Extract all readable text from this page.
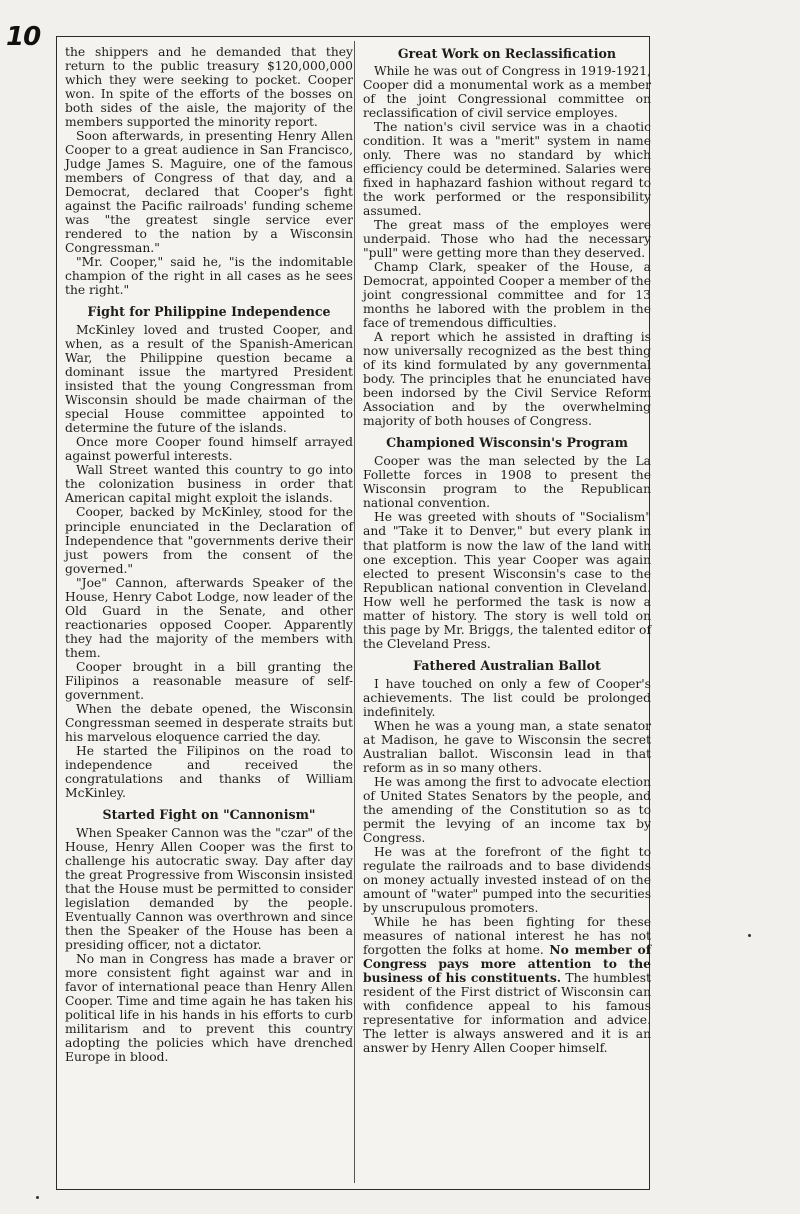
10 the shippers and he demanded that they return to the public treasury $120,000,000 which they were seeking to pocket. Cooper won. In spite of the efforts of the bosses on both sides of the aisle, the majority of the members supported the minority report.

Soon afterwards, in presenting Henry Allen Cooper to a great audience in San Francisco, Judge James S. Maguire, one of the famous members of Congress of that day, and a Democrat, declared that Cooper's fight against the Pacific railroads' funding scheme was "the greatest single service ever rendered to the nation by a Wisconsin Congressman."

"Mr. Cooper," said he, "is the indomitable champion of the right in all cases as he sees the right."

Fight for Philippine Independence

McKinley loved and trusted Cooper, and when, as a result of the Spanish-American War, the Philippine question became a dominant issue the martyred President insisted that the young Congressman from Wisconsin should be made chairman of the special House committee appointed to determine the future of the islands.

Once more Cooper found himself arrayed against powerful interests.

Wall Street wanted this country to go into the colonization business in order that American capital might exploit the islands.

Cooper, backed by McKinley, stood for the principle enunciated in the Declaration of Independence that "governments derive their just powers from the consent of the governed."

"Joe" Cannon, afterwards Speaker of the House, Henry Cabot Lodge, now leader of the Old Guard in the Senate, and other reactionaries opposed Cooper. Apparently they had the majority of the members with them.

Cooper brought in a bill granting the Filipinos a reasonable measure of self-government.

When the debate opened, the Wisconsin Congressman seemed in desperate straits but his marvelous eloquence carried the day.

He started the Filipinos on the road to independence and received the congratulations and thanks of William McKinley.

Started Fight on "Cannonism"

When Speaker Cannon was the "czar" of the House, Henry Allen Cooper was the first to challenge his autocratic sway. Day after day the great Progressive from Wisconsin insisted that the House must be permitted to consider legislation demanded by the people. Eventually Cannon was overthrown and since then the Speaker of the House has been a presiding officer, not a dictator.

No man in Congress has made a braver or more consistent fight against war and in favor of international peace than Henry Allen Cooper. Time and time again he has taken his political life in his hands in his efforts to curb militarism and to prevent this country adopting the policies which have drenched Europe in blood.

Great Work on Reclassification

While he was out of Congress in 1919-1921, Cooper did a monumental work as a member of the joint Congressional committee on reclassification of civil service employes.

The nation's civil service was in a chaotic condition. It was a "merit" system in name only. There was no standard by which efficiency could be determined. Salaries were fixed in haphazard fashion without regard to the work performed or the responsibility assumed.

The great mass of the employes were underpaid. Those who had the necessary "pull" were getting more than they deserved.

Champ Clark, speaker of the House, a Democrat, appointed Cooper a member of the joint congressional committee and for 13 months he labored with the problem in the face of tremendous difficulties.

A report which he assisted in drafting is now universally recognized as the best thing of its kind formulated by any governmental body. The principles that he enunciated have been indorsed by the Civil Service Reform Association and by the overwhelming majority of both houses of Congress.

Championed Wisconsin's Program

Cooper was the man selected by the La Follette forces in 1908 to present the Wisconsin program to the Republican national convention.

He was greeted with shouts of "Socialism" and "Take it to Denver," but every plank in that platform is now the law of the land with one exception. This year Cooper was again elected to present Wisconsin's case to the Republican national convention in Cleveland. How well he performed the task is now a matter of history. The story is well told on this page by Mr. Briggs, the talented editor of the Cleveland Press.

Fathered Australian Ballot

I have touched on only a few of Cooper's achievements. The list could be prolonged indefinitely.

When he was a young man, a state senator at Madison, he gave to Wisconsin the secret Australian ballot. Wisconsin lead in that reform as in so many others.

He was among the first to advocate election of United States Senators by the people, and the amending of the Constitution so as to permit the levying of an income tax by Congress.

He was at the forefront of the fight to regulate the railroads and to base dividends on money actually invested instead of on the amount of "water" pumped into the securities by unscrupulous promoters.

While he has been fighting for these measures of national interest he has not forgotten the folks at home. No member of Congress pays more attention to the business of his constituents. The humblest resident of the First district of Wisconsin can with confidence appeal to his famous representative for information and advice. The letter is always answered and it is an answer by Henry Allen Cooper himself.
